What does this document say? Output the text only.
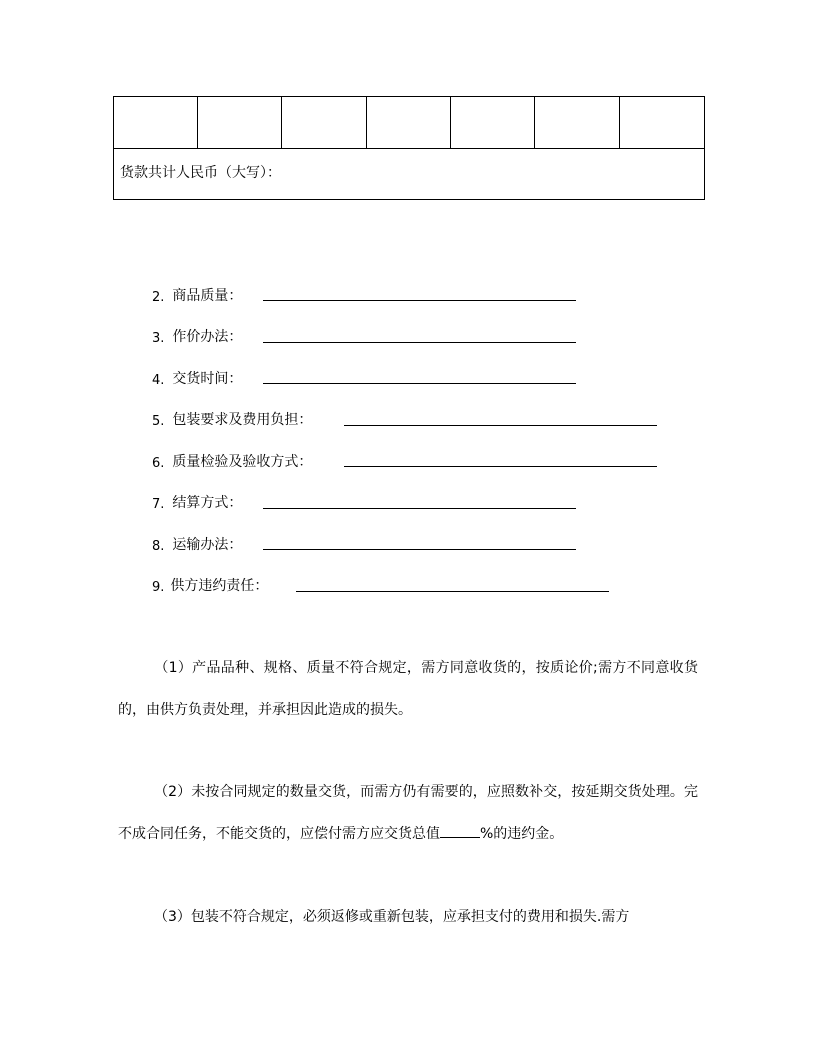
货款共计人民币（大写）：
2. 商品质量：
3. 作价办法：
4. 交货时间：
5. 包装要求及费用负担：
6. 质量检验及验收方式：
7. 结算方式：
8. 运输办法：
9. 供方违约责任：
（1）产品品种、规格、质量不符合规定，需方同意收货的，按质论价;需方不同意收货的，由供方负责处理，并承担因此造成的损失。
（2）未按合同规定的数量交货，而需方仍有需要的，应照数补交，按延期交货处理。完不成合同任务，不能交货的，应偿付需方应交货总值	%的违约金。
（3）包装不符合规定，必须返修或重新包装，应承担支付的费用和损失.需方
